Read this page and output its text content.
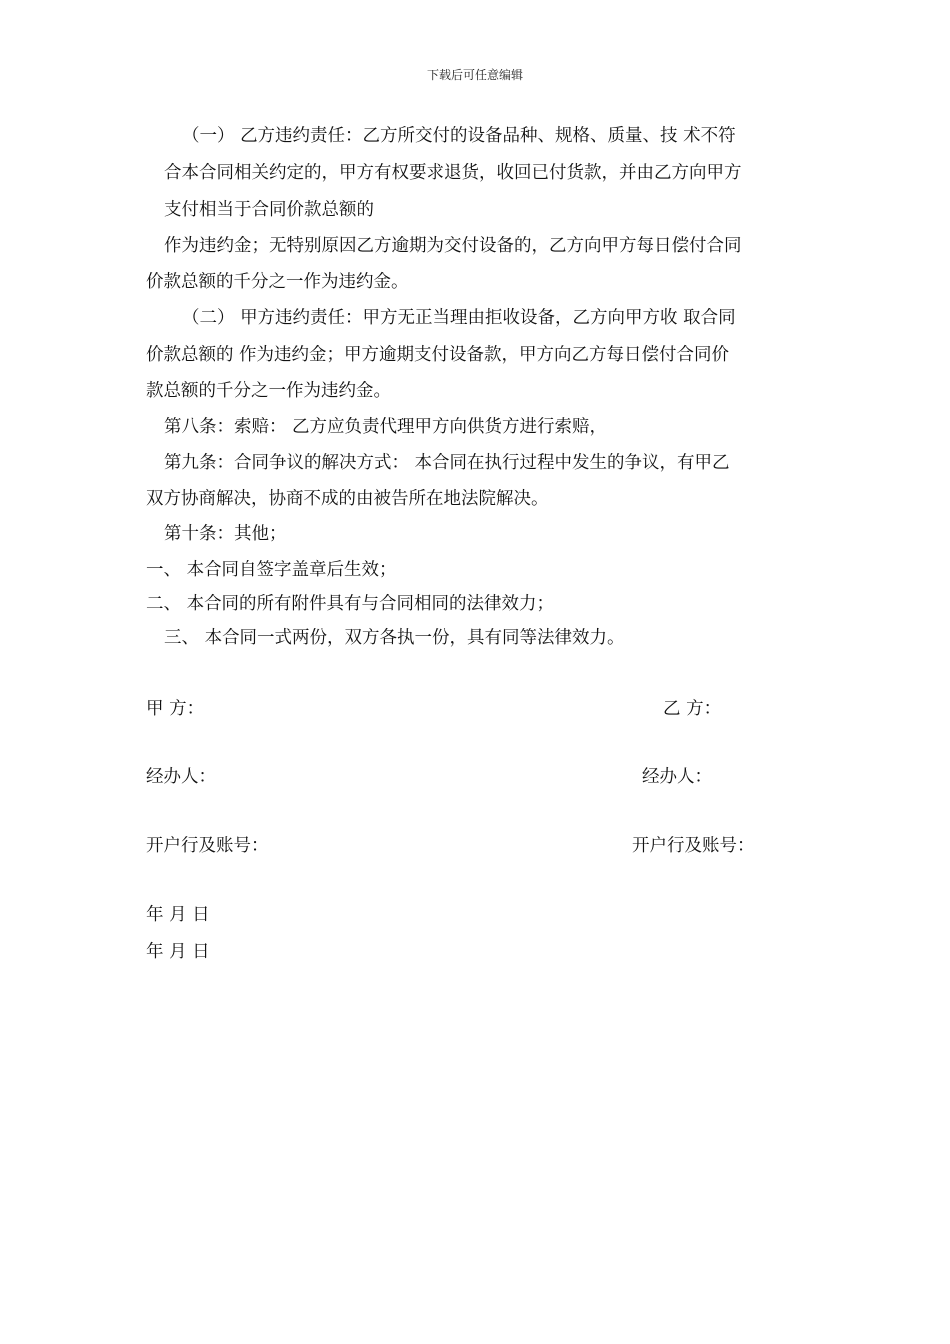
下载后可任意编辑
（一） 乙方违约责任：乙方所交付的设备品种、规格、质量、技 术不符
合本合同相关约定的，甲方有权要求退货，收回已付货款，并由乙方向甲方
支付相当于合同价款总额的
作为违约金；无特别原因乙方逾期为交付设备的，乙方向甲方每日偿付合同
价款总额的千分之一作为违约金。
（二） 甲方违约责任：甲方无正当理由拒收设备，乙方向甲方收 取合同
价款总额的 作为违约金；甲方逾期支付设备款，甲方向乙方每日偿付合同价
款总额的千分之一作为违约金。
第八条：索赔： 乙方应负责代理甲方向供货方进行索赔，
第九条：合同争议的解决方式： 本合同在执行过程中发生的争议，有甲乙
双方协商解决，协商不成的由被告所在地法院解决。
第十条：其他；
一、 本合同自签字盖章后生效；
二、 本合同的所有附件具有与合同相同的法律效力；
三、 本合同一式两份，双方各执一份，具有同等法律效力。
甲 方：	乙 方：
经办人：	经办人：
开户行及账号：	开户行及账号：
年 月 日
年 月 日
